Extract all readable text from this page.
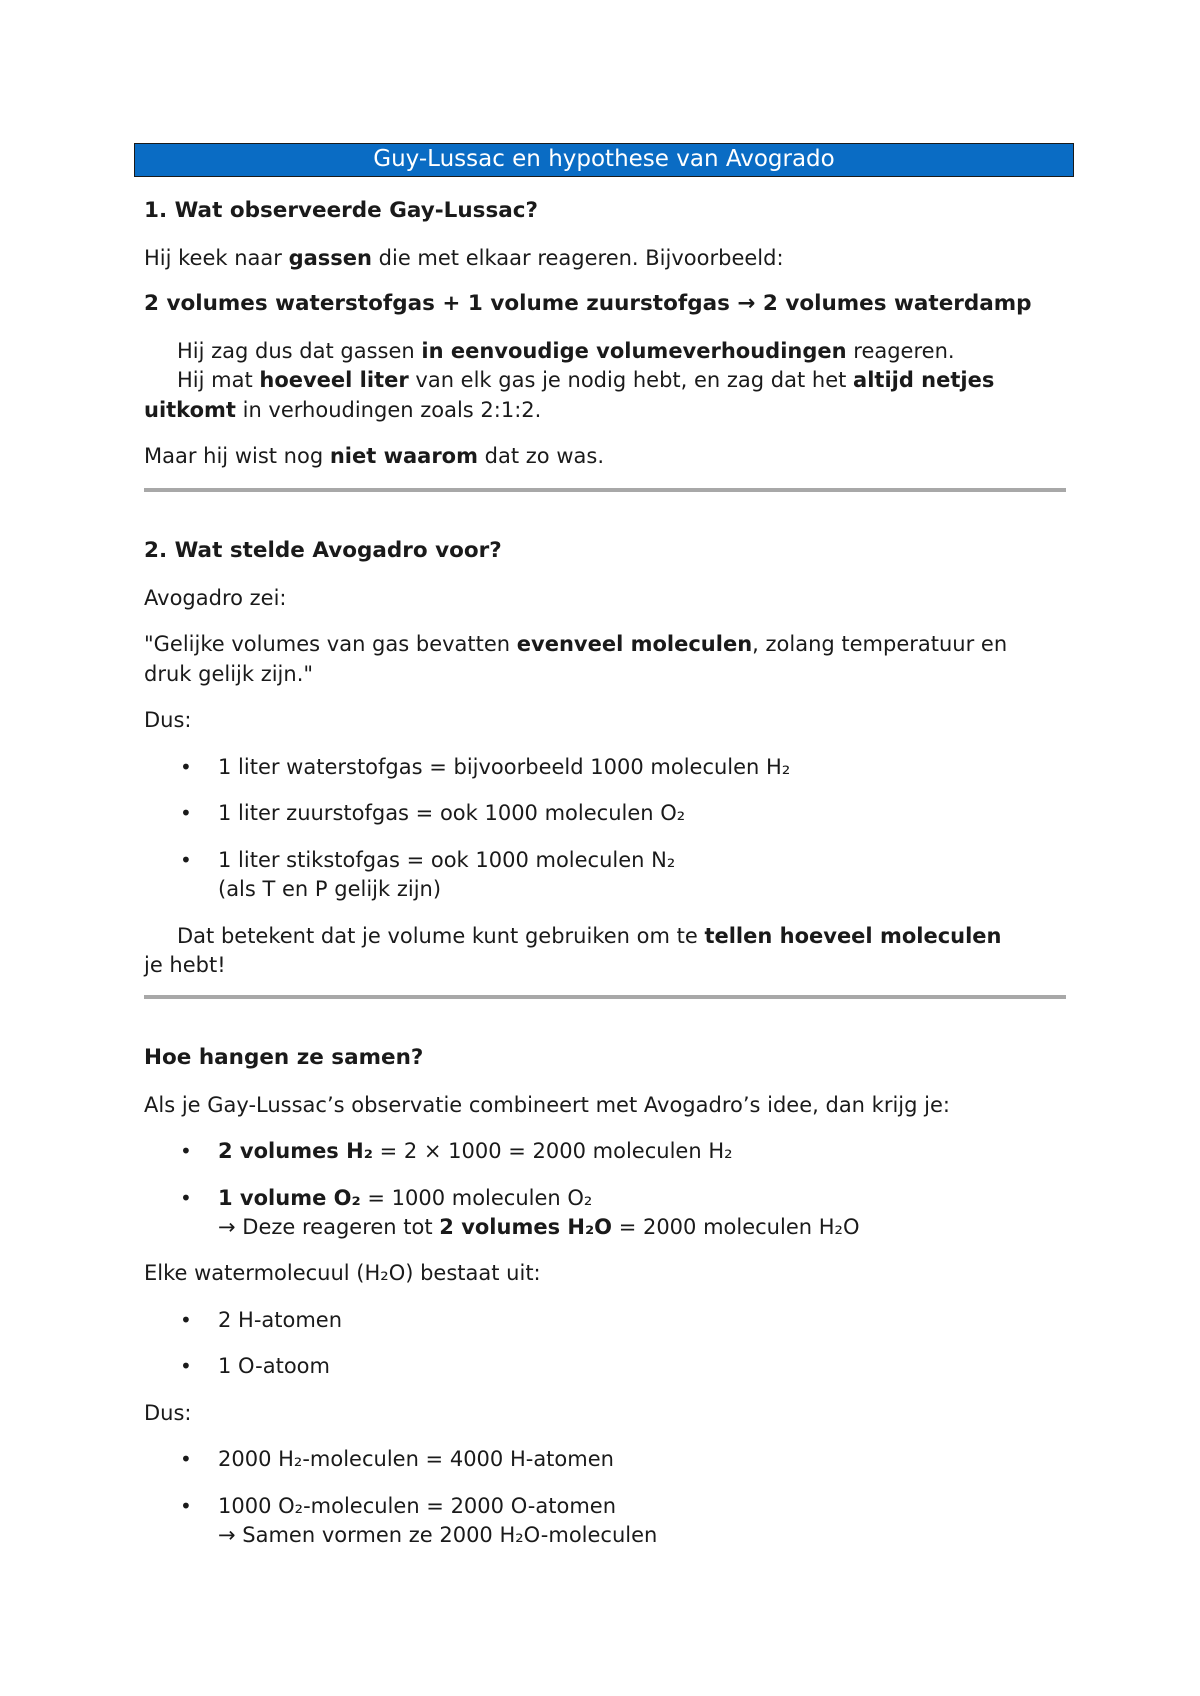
Guy-Lussac en hypothese van Avogrado
1. Wat observeerde Gay-Lussac?
Hij keek naar gassen die met elkaar reageren. Bijvoorbeeld:
2 volumes waterstofgas + 1 volume zuurstofgas → 2 volumes waterdamp
Hij zag dus dat gassen in eenvoudige volumeverhoudingen reageren.
Hij mat hoeveel liter van elk gas je nodig hebt, en zag dat het altijd netjes
uitkomt in verhoudingen zoals 2:1:2.
Maar hij wist nog niet waarom dat zo was.
2. Wat stelde Avogadro voor?
Avogadro zei:
"Gelijke volumes van gas bevatten evenveel moleculen, zolang temperatuur en
druk gelijk zijn."
Dus:
• 1 liter waterstofgas = bijvoorbeeld 1000 moleculen H₂
• 1 liter zuurstofgas = ook 1000 moleculen O₂
• 1 liter stikstofgas = ook 1000 moleculen N₂
(als T en P gelijk zijn)
Dat betekent dat je volume kunt gebruiken om te tellen hoeveel moleculen
je hebt!
Hoe hangen ze samen?
Als je Gay-Lussac’s observatie combineert met Avogadro’s idee, dan krijg je:
• 2 volumes H₂ = 2 × 1000 = 2000 moleculen H₂
• 1 volume O₂ = 1000 moleculen O₂
→ Deze reageren tot 2 volumes H₂O = 2000 moleculen H₂O
Elke watermolecuul (H₂O) bestaat uit:
• 2 H-atomen
• 1 O-atoom
Dus:
• 2000 H₂-moleculen = 4000 H-atomen
• 1000 O₂-moleculen = 2000 O-atomen
→ Samen vormen ze 2000 H₂O-moleculen
